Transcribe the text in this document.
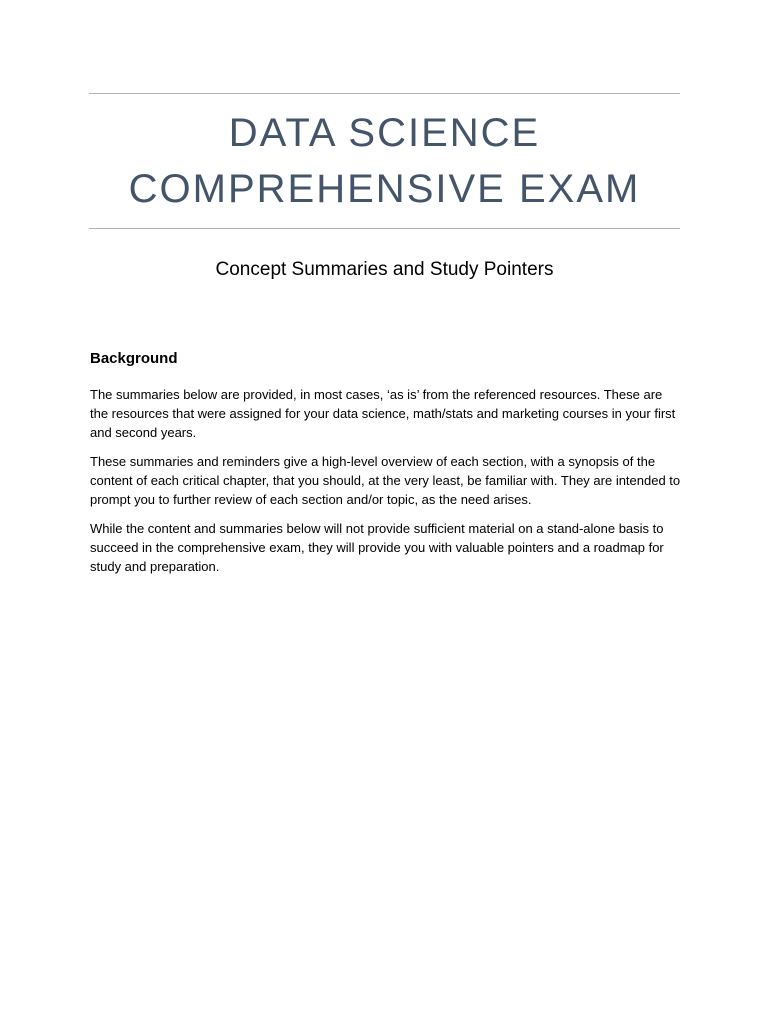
DATA SCIENCE
COMPREHENSIVE EXAM
Concept Summaries and Study Pointers
Background

The summaries below are provided, in most cases, ‘as is’ from the referenced resources. These are the resources that were assigned for your data science, math/stats and marketing courses in your first and second years.

These summaries and reminders give a high-level overview of each section, with a synopsis of the content of each critical chapter, that you should, at the very least, be familiar with. They are intended to prompt you to further review of each section and/or topic, as the need arises.

While the content and summaries below will not provide sufficient material on a stand-alone basis to succeed in the comprehensive exam, they will provide you with valuable pointers and a roadmap for study and preparation.
